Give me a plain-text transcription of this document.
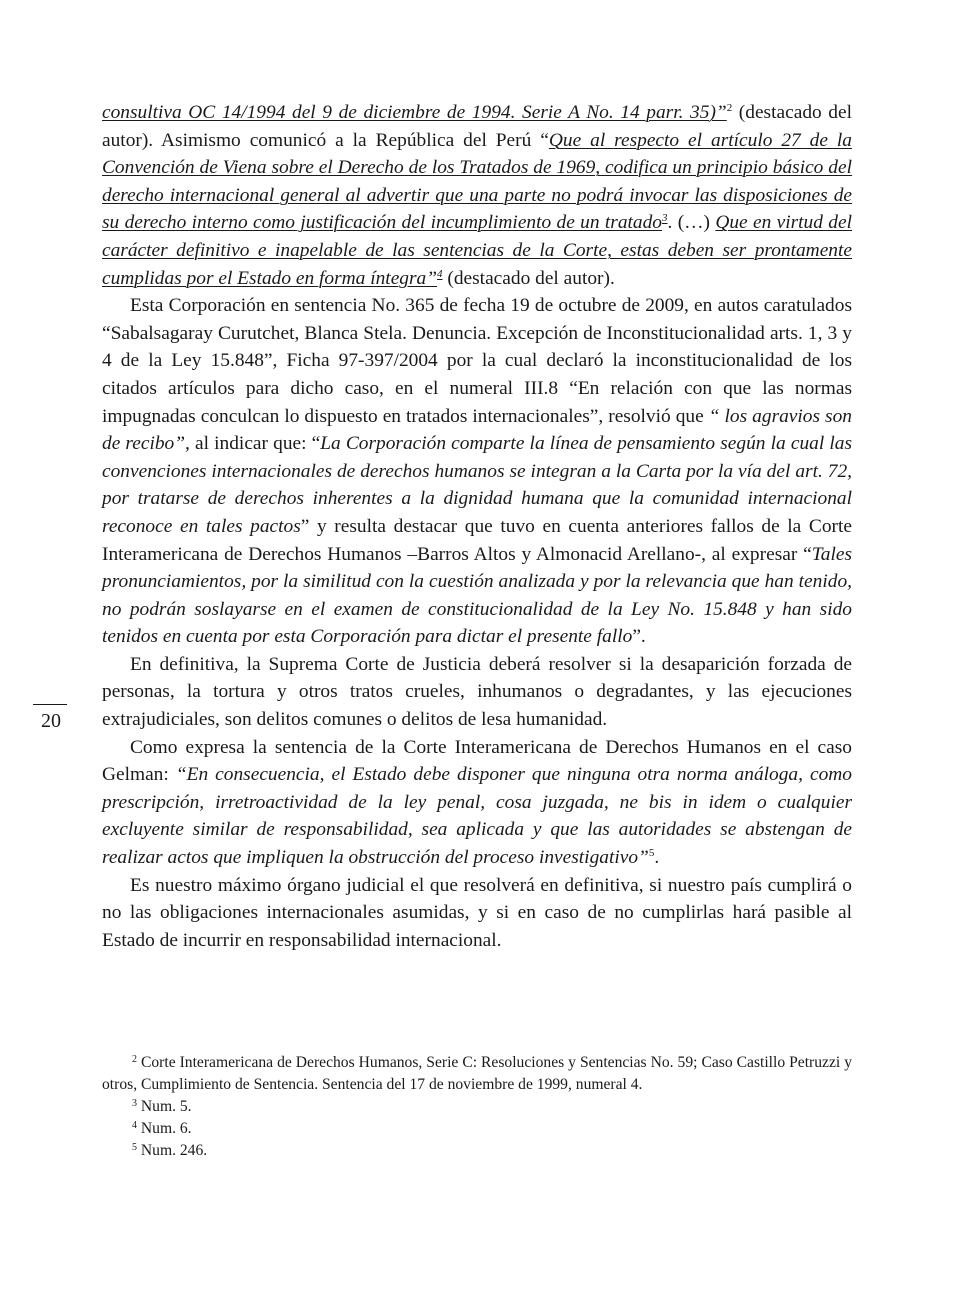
consultiva OC 14/1994 del 9 de diciembre de 1994. Serie A No. 14 parr. 35)”$^2$ (destacado del autor). Asimismo comunicó a la República del Perú “Que al respecto el artículo 27 de la Convención de Viena sobre el Derecho de los Tratados de 1969, codifica un principio básico del derecho internacional general al advertir que una parte no podrá invocar las disposiciones de su derecho interno como justificación del incumplimiento de un tratado$^3$. (…) Que en virtud del carácter definitivo e inapelable de las sentencias de la Corte, estas deben ser prontamente cumplidas por el Estado en forma íntegra”$^4$ (destacado del autor).

Esta Corporación en sentencia No. 365 de fecha 19 de octubre de 2009, en autos caratulados “Sabalsagaray Curutchet, Blanca Stela. Denuncia. Excepción de Inconstitucionalidad arts. 1, 3 y 4 de la Ley 15.848”, Ficha 97-397/2004 por la cual declaró la inconstitucionalidad de los citados artículos para dicho caso, en el numeral III.8 “En relación con que las normas impugnadas conculcan lo dispuesto en tratados internacionales”, resolvió que “ los agravios son de recibo”, al indicar que: “La Corporación comparte la línea de pensamiento según la cual las convenciones internacionales de derechos humanos se integran a la Carta por la vía del art. 72, por tratarse de derechos inherentes a la dignidad humana que la comunidad internacional reconoce en tales pactos” y resulta destacar que tuvo en cuenta anteriores fallos de la Corte Interamericana de Derechos Humanos –Barros Altos y Almonacid Arellano-, al expresar “Tales pronunciamientos, por la similitud con la cuestión analizada y por la relevancia que han tenido, no podrán soslayarse en el examen de constitucionalidad de la Ley No. 15.848 y han sido tenidos en cuenta por esta Corporación para dictar el presente fallo”.

En definitiva, la Suprema Corte de Justicia deberá resolver si la desaparición forzada de personas, la tortura y otros tratos crueles, inhumanos o degradantes, y las ejecuciones extrajudiciales, son delitos comunes o delitos de lesa humanidad.

Como expresa la sentencia de la Corte Interamericana de Derechos Humanos en el caso Gelman: “En consecuencia, el Estado debe disponer que ninguna otra norma análoga, como prescripción, irretroactividad de la ley penal, cosa juzgada, ne bis in idem o cualquier excluyente similar de responsabilidad, sea aplicada y que las autoridades se abstengan de realizar actos que impliquen la obstrucción del proceso investigativo”$^5$.

Es nuestro máximo órgano judicial el que resolverá en definitiva, si nuestro país cumplirá o no las obligaciones internacionales asumidas, y si en caso de no cumplirlas hará pasible al Estado de incurrir en responsabilidad internacional.

20

$^2$ Corte Interamericana de Derechos Humanos, Serie C: Resoluciones y Sentencias No. 59; Caso Castillo Petruzzi y otros, Cumplimiento de Sentencia. Sentencia del 17 de noviembre de 1999, numeral 4.

$^3$ Num. 5.

$^4$ Num. 6.

$^5$ Num. 246.
